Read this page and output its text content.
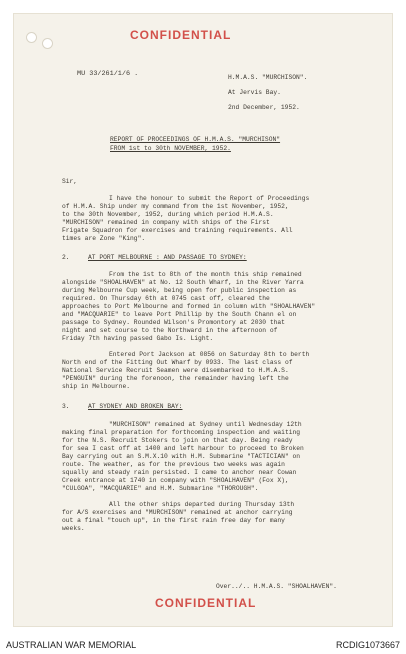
CONFIDENTIAL
MU 33/261/1/6 .	H.M.A.S. "MURCHISON".
At Jervis Bay.
2nd December, 1952.
REPORT OF PROCEEDINGS OF H.M.A.S. "MURCHISON"
FROM 1st to 30th NOVEMBER, 1952.
Sir,
I have the honour to submit the Report of Proceedings
of H.M.A. Ship under my command from the 1st November, 1952,
to the 30th November, 1952, during which period H.M.A.S.
"MURCHISON" remained in company with ships of the First
Frigate Squadron for exercises and training requirements. All
times are Zone "King".
2.	AT PORT MELBOURNE : AND PASSAGE TO SYDNEY:
From the 1st to 8th of the month this ship remained
alongside "SHOALHAVEN" at No. 12 South Wharf, in the River Yarra
during Melbourne Cup week, being open for public inspection as
required. On Thursday 6th at 0745 cast off, cleared the
approaches to Port Melbourne and formed in column with "SHOALHAVEN"
and "MACQUARIE" to leave Port Phillip by the South Chann el on
passage to Sydney. Rounded Wilson's Promontory at 2030 that
night and set course to the Northward in the afternoon of
Friday 7th having passed Gabo Is. Light.
Entered Port Jackson at 0856 on Saturday 8th to berth
North end of the Fitting Out Wharf by 0933. The last class of
National Service Recruit Seamen were disembarked to H.M.A.S.
"PENGUIN" during the forenoon, the remainder having left the
ship in Melbourne.
3.	AT SYDNEY AND BROKEN BAY:
"MURCHISON" remained at Sydney until Wednesday 12th
making final preparation for forthcoming inspection and waiting
for the N.S. Recruit Stokers to join on that day. Being ready
for sea I cast off at 1400 and left harbour to proceed to Broken
Bay carrying out an S.M.X.10 with H.M. Submarine "TACTICIAN" on
route. The weather, as for the previous two weeks was again
squally and steady rain persisted. I came to anchor near Cowan
Creek entrance at 1740 in company with "SHOALHAVEN" (Fox X),
"CULGOA", "MACQUARIE" and H.M. Submarine "THOROUGH".
All the other ships departed during Thursday 13th
for A/S exercises and "MURCHISON" remained at anchor carrying
out a final "touch up", in the first rain free day for many
weeks.
Over../.. H.M.A.S. "SHOALHAVEN".
CONFIDENTIAL
AUSTRALIAN WAR MEMORIAL	RCDIG1073667
